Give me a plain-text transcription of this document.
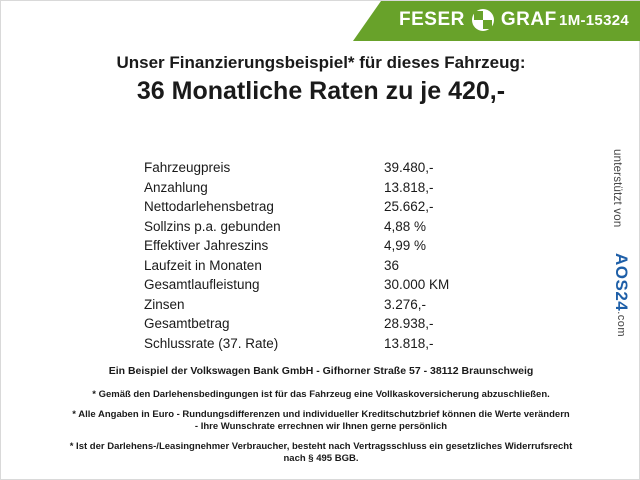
FESER GRAF 1M-15324

Unser Finanzierungsbeispiel* für dieses Fahrzeug:

36 Monatliche Raten zu je 420,-

Fahrzeugpreis	39.480,-
Anzahlung	13.818,-
Nettodarlehensbetrag	25.662,-
Sollzins p.a. gebunden	4,88 %
Effektiver Jahreszins	4,99 %
Laufzeit in Monaten	36
Gesamtlaufleistung	30.000 KM
Zinsen	3.276,-
Gesamtbetrag	28.938,-
Schlussrate (37. Rate)	13.818,-
unterstützt von
AOS24.com
Ein Beispiel der Volkswagen Bank GmbH - Gifhorner Straße 57 - 38112 Braunschweig

* Gemäß den Darlehensbedingungen ist für das Fahrzeug eine Vollkaskoversicherung abzuschließen.

* Alle Angaben in Euro - Rundungsdifferenzen und individueller Kreditschutzbrief können die Werte verändern
- Ihre Wunschrate errechnen wir Ihnen gerne persönlich

* Ist der Darlehens-/Leasingnehmer Verbraucher, besteht nach Vertragsschluss ein gesetzliches Widerrufsrecht
nach § 495 BGB.
